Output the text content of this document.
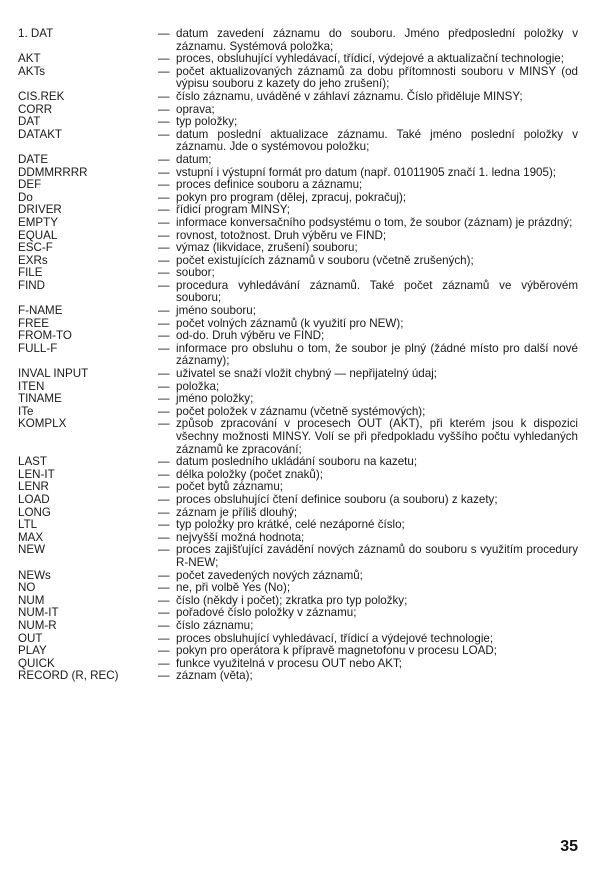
1. DAT	— datum zavedení záznamu do souboru. Jméno předposlední položky v záznamu. Systémová položka;
AKT	— proces, obsluhující vyhledávací, třídicí, výdejové a aktualizační technologie;
AKTs	— počet aktualizovaných záznamů za dobu přítomnosti souboru v MINSY (od výpisu souboru z kazety do jeho zrušení);
CIS.REK	— číslo záznamu, uváděné v záhlaví záznamu. Číslo přiděluje MINSY;
CORR	— oprava;
DAT	— typ položky;
DATAKT	— datum poslední aktualizace záznamu. Také jméno poslední položky v záznamu. Jde o systémovou položku;
DATE	— datum;
DDMMRRRR	— vstupní i výstupní formát pro datum (např. 01011905 značí 1. ledna 1905);
DEF	— proces definice souboru a záznamu;
Do	— pokyn pro program (dělej, zpracuj, pokračuj);
DRIVER	— řídicí program MINSY;
EMPTY	— informace konversačního podsystému o tom, že soubor (záznam) je prázdný;
EQUAL	— rovnost, totožnost. Druh výběru ve FIND;
ESC-F	— výmaz (likvidace, zrušení) souboru;
EXRs	— počet existujících záznamů v souboru (včetně zrušených);
FILE	— soubor;
FIND	— procedura vyhledávání záznamů. Také počet záznamů ve výběrovém souboru;
F-NAME	— jméno souboru;
FREE	— počet volných záznamů (k využití pro NEW);
FROM-TO	— od-do. Druh výběru ve FIND;
FULL-F	— informace pro obsluhu o tom, že soubor je plný (žádné místo pro další nové záznamy);
INVAL INPUT	— uživatel se snaží vložit chybný — nepřijatelný údaj;
ITEN	— položka;
TINAME	— jméno položky;
ITe	— počet položek v záznamu (včetně systémových);
KOMPLX	— způsob zpracování v procesech OUT (AKT), při kterém jsou k dispozici všechny možnosti MINSY. Volí se při předpokladu vyššího počtu vyhledaných záznamů ke zpracování;
LAST	— datum posledního ukládání souboru na kazetu;
LEN-IT	— délka položky (počet znaků);
LENR	— počet bytů záznamu;
LOAD	— proces obsluhující čtení definice souboru (a souboru) z kazety;
LONG	— záznam je příliš dlouhý;
LTL	— typ položky pro krátké, celé nezáporné číslo;
MAX	— nejvyšší možná hodnota;
NEW	— proces zajišťující zavádění nových záznamů do souboru s využitím procedury R-NEW;
NEWs	— počet zavedených nových záznamů;
NO	— ne, při volbě Yes (No);
NUM	— číslo (někdy i počet); zkratka pro typ položky;
NUM-IT	— pořadové číslo položky v záznamu;
NUM-R	— číslo záznamu;
OUT	— proces obsluhující vyhledávací, třídicí a výdejové technologie;
PLAY	— pokyn pro operátora k přípravě magnetofonu v procesu LOAD;
QUICK	— funkce využitelná v procesu OUT nebo AKT;
RECORD (R, REC)	— záznam (věta);
35
